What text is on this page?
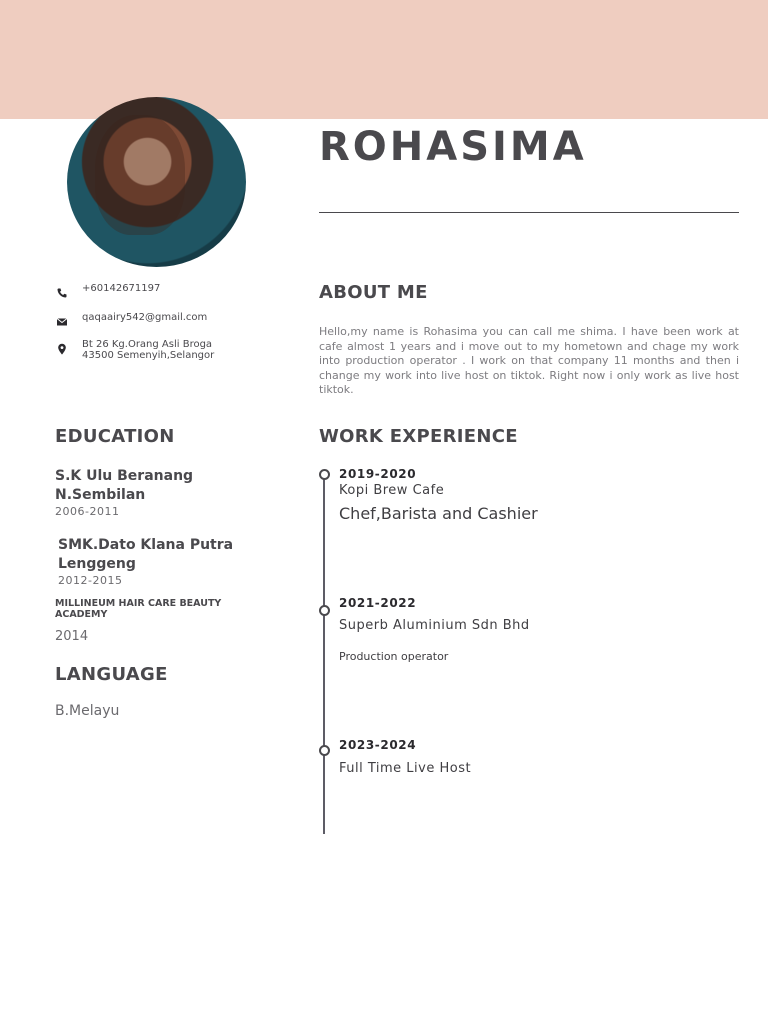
ROHASIMA
+60142671197
qaqaairy542@gmail.com
Bt 26 Kg.Orang Asli Broga
43500 Semenyih,Selangor
ABOUT ME

Hello,my name is Rohasima you can call me shima. I have been work at cafe almost 1 years and i move out to my hometown and chage my work into production operator . I work on that company 11 months and then i change my work into live host on tiktok. Right now i only work as live host tiktok.

EDUCATION

S.K Ulu Beranang N.Sembilan

2006-2011

SMK.Dato Klana Putra Lenggeng

2012-2015

MILLINEUM HAIR CARE BEAUTY ACADEMY

2014

LANGUAGE

B.Melayu

WORK EXPERIENCE

2019-2020

Kopi Brew Cafe

Chef,Barista and Cashier

2021-2022

Superb Aluminium Sdn Bhd

Production operator

2023-2024

Full Time Live Host
